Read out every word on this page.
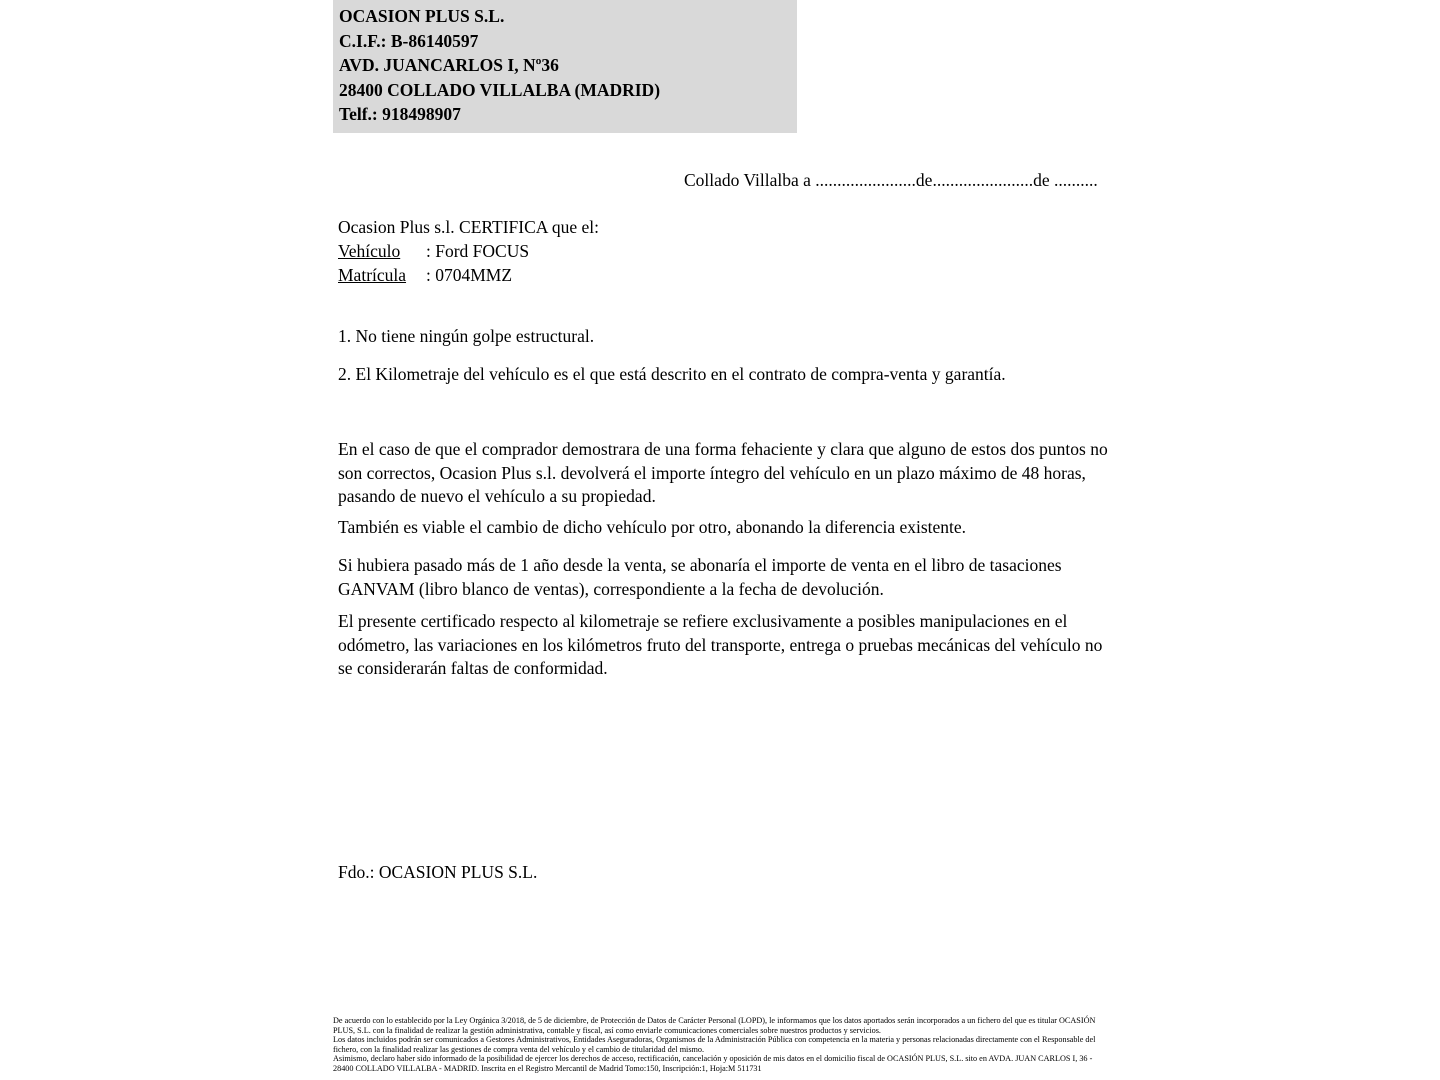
OCASION PLUS S.L.
C.I.F.: B-86140597
AVD. JUANCARLOS I, Nº36
28400 COLLADO VILLALBA (MADRID)
Telf.: 918498907
Collado Villalba a .......................de.......................de ..........
Ocasion Plus s.l. CERTIFICA que el:
Vehículo	: Ford FOCUS
Matrícula	: 0704MMZ
1. No tiene ningún golpe estructural.
2. El Kilometraje del vehículo es el que está descrito en el contrato de compra-venta y garantía.
En el caso de que el comprador demostrara de una forma fehaciente y clara que alguno de estos dos puntos no son correctos, Ocasion Plus s.l. devolverá el importe íntegro del vehículo en un plazo máximo de 48 horas, pasando de nuevo el vehículo a su propiedad.
También es viable el cambio de dicho vehículo por otro, abonando la diferencia existente.
Si hubiera pasado más de 1 año desde la venta, se abonaría el importe de venta en el libro de tasaciones GANVAM (libro blanco de ventas), correspondiente a la fecha de devolución.
El presente certificado respecto al kilometraje se refiere exclusivamente a posibles manipulaciones en el odómetro, las variaciones en los kilómetros fruto del transporte, entrega o pruebas mecánicas del vehículo no se considerarán faltas de conformidad.
Fdo.: OCASION PLUS S.L.

De acuerdo con lo establecido por la Ley Orgánica 3/2018, de 5 de diciembre, de Protección de Datos de Carácter Personal (LOPD), le informamos que los datos aportados serán incorporados a un fichero del que es titular OCASIÓN PLUS, S.L. con la finalidad de realizar la gestión administrativa, contable y fiscal, así como enviarle comunicaciones comerciales sobre nuestros productos y servicios.

Los datos incluidos podrán ser comunicados a Gestores Administrativos, Entidades Aseguradoras, Organismos de la Administración Pública con competencia en la materia y personas relacionadas directamente con el Responsable del fichero, con la finalidad realizar las gestiones de compra venta del vehículo y el cambio de titularidad del mismo.

Asimismo, declaro haber sido informado de la posibilidad de ejercer los derechos de acceso, rectificación, cancelación y oposición de mis datos en el domicilio fiscal de OCASIÓN PLUS, S.L. sito en AVDA. JUAN CARLOS I, 36 - 28400 COLLADO VILLALBA - MADRID. Inscrita en el Registro Mercantil de Madrid Tomo:150, Inscripción:1, Hoja:M 511731
